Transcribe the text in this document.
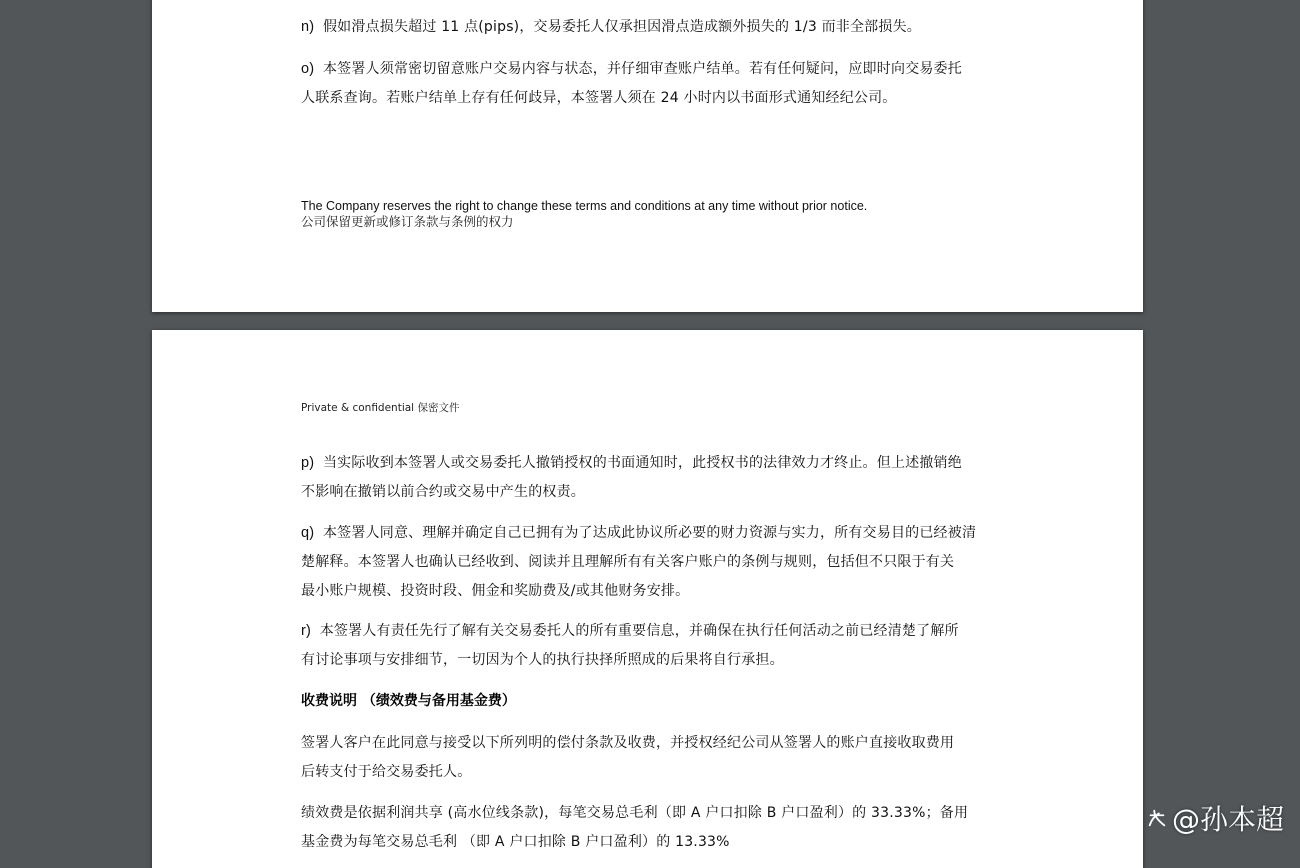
n) 假如滑点损失超过 11 点(pips)，交易委托人仅承担因滑点造成额外损失的 1/3 而非全部损失。
o) 本签署人须常密切留意账户交易内容与状态，并仔细审查账户结单。若有任何疑问，应即时向交易委托
人联系查询。若账户结单上存有任何歧异，本签署人须在 24 小时内以书面形式通知经纪公司。
The Company reserves the right to change these terms and conditions at any time without prior notice.
公司保留更新或修订条款与条例的权力
Private & confidential 保密文件
p) 当实际收到本签署人或交易委托人撤销授权的书面通知时，此授权书的法律效力才终止。但上述撤销绝
不影响在撤销以前合约或交易中产生的权责。
q) 本签署人同意、理解并确定自己已拥有为了达成此协议所必要的财力资源与实力，所有交易目的已经被清
楚解释。本签署人也确认已经收到、阅读并且理解所有有关客户账户的条例与规则，包括但不只限于有关
最小账户规模、投资时段、佣金和奖励费及/或其他财务安排。
r) 本签署人有责任先行了解有关交易委托人的所有重要信息，并确保在执行任何活动之前已经清楚了解所
有讨论事项与安排细节，一切因为个人的执行抉择所照成的后果将自行承担。
收费说明 （绩效费与备用基金费）
签署人客户在此同意与接受以下所列明的偿付条款及收费，并授权经纪公司从签署人的账户直接收取费用
后转支付于给交易委托人。
绩效费是依据利润共享 (高水位线条款)，每笔交易总毛利（即 A 户口扣除 B 户口盈利）的 33.33%；备用
基金费为每笔交易总毛利 （即 A 户口扣除 B 户口盈利）的 13.33%
@孙本超
